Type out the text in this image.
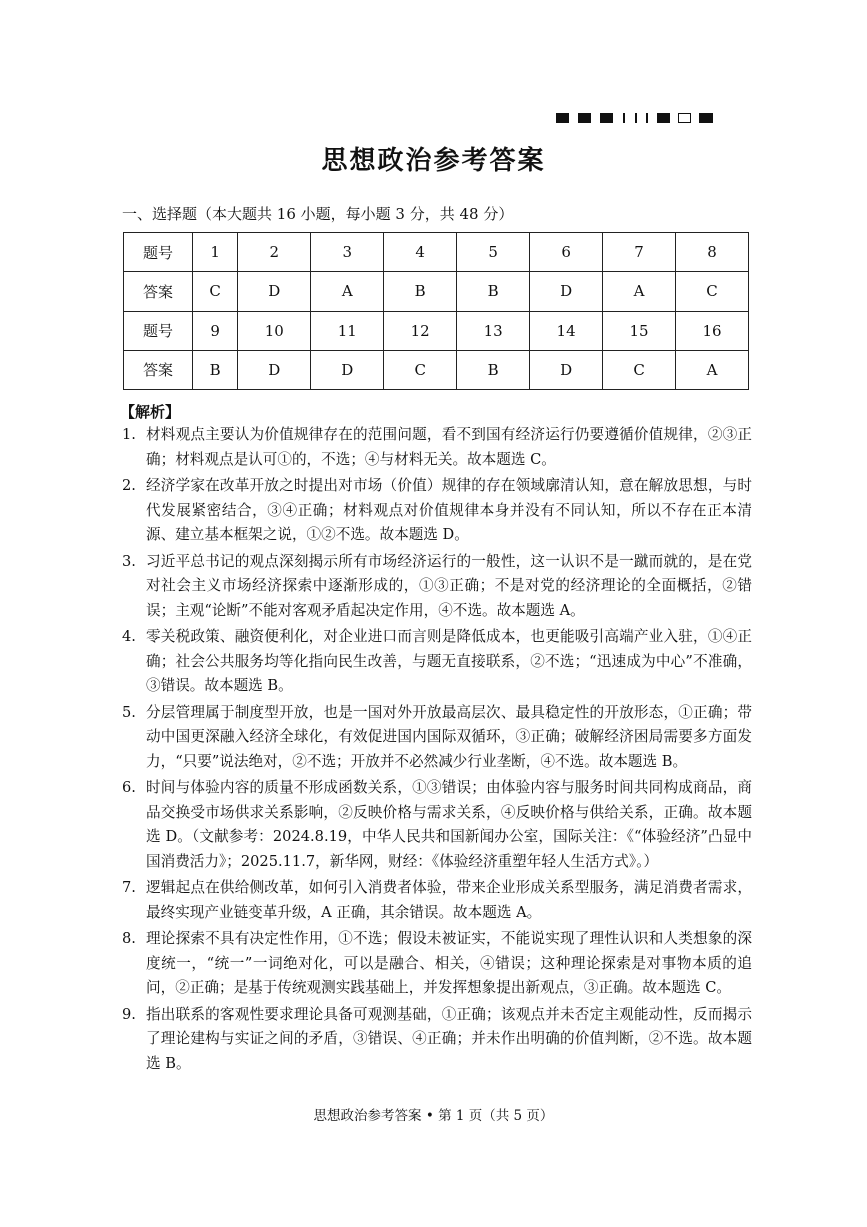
思想政治参考答案
一、选择题（本大题共 16 小题，每小题 3 分，共 48 分）
题号	1	2	3	4	5	6	7	8
答案	C	D	A	B	B	D	A	C
题号	9	10	11	12	13	14	15	16
答案	B	D	D	C	B	D	C	A
【解析】
1. 材料观点主要认为价值规律存在的范围问题，看不到国有经济运行仍要遵循价值规律，②③正确；材料观点是认可①的，不选；④与材料无关。故本题选 C。
2. 经济学家在改革开放之时提出对市场（价值）规律的存在领域廓清认知，意在解放思想，与时代发展紧密结合，③④正确；材料观点对价值规律本身并没有不同认知，所以不存在正本清源、建立基本框架之说，①②不选。故本题选 D。
3. 习近平总书记的观点深刻揭示所有市场经济运行的一般性，这一认识不是一蹴而就的，是在党对社会主义市场经济探索中逐渐形成的，①③正确；不是对党的经济理论的全面概括，②错误；主观“论断”不能对客观矛盾起决定作用，④不选。故本题选 A。
4. 零关税政策、融资便利化，对企业进口而言则是降低成本，也更能吸引高端产业入驻，①④正确；社会公共服务均等化指向民生改善，与题无直接联系，②不选；“迅速成为中心”不准确，③错误。故本题选 B。
5. 分层管理属于制度型开放，也是一国对外开放最高层次、最具稳定性的开放形态，①正确；带动中国更深融入经济全球化，有效促进国内国际双循环，③正确；破解经济困局需要多方面发力，“只要”说法绝对，②不选；开放并不必然减少行业垄断，④不选。故本题选 B。
6. 时间与体验内容的质量不形成函数关系，①③错误；由体验内容与服务时间共同构成商品，商品交换受市场供求关系影响，②反映价格与需求关系，④反映价格与供给关系，正确。故本题选 D。（文献参考：2024.8.19，中华人民共和国新闻办公室，国际关注：《“体验经济”凸显中国消费活力》；2025.11.7，新华网，财经：《体验经济重塑年轻人生活方式》。）
7. 逻辑起点在供给侧改革，如何引入消费者体验，带来企业形成关系型服务，满足消费者需求，最终实现产业链变革升级，A 正确，其余错误。故本题选 A。
8. 理论探索不具有决定性作用，①不选；假设未被证实，不能说实现了理性认识和人类想象的深度统一，“统一”一词绝对化，可以是融合、相关，④错误；这种理论探索是对事物本质的追问，②正确；是基于传统观测实践基础上，并发挥想象提出新观点，③正确。故本题选 C。
9. 指出联系的客观性要求理论具备可观测基础，①正确；该观点并未否定主观能动性，反而揭示了理论建构与实证之间的矛盾，③错误、④正确；并未作出明确的价值判断，②不选。故本题选 B。
思想政治参考答案 • 第 1 页（共 5 页）
